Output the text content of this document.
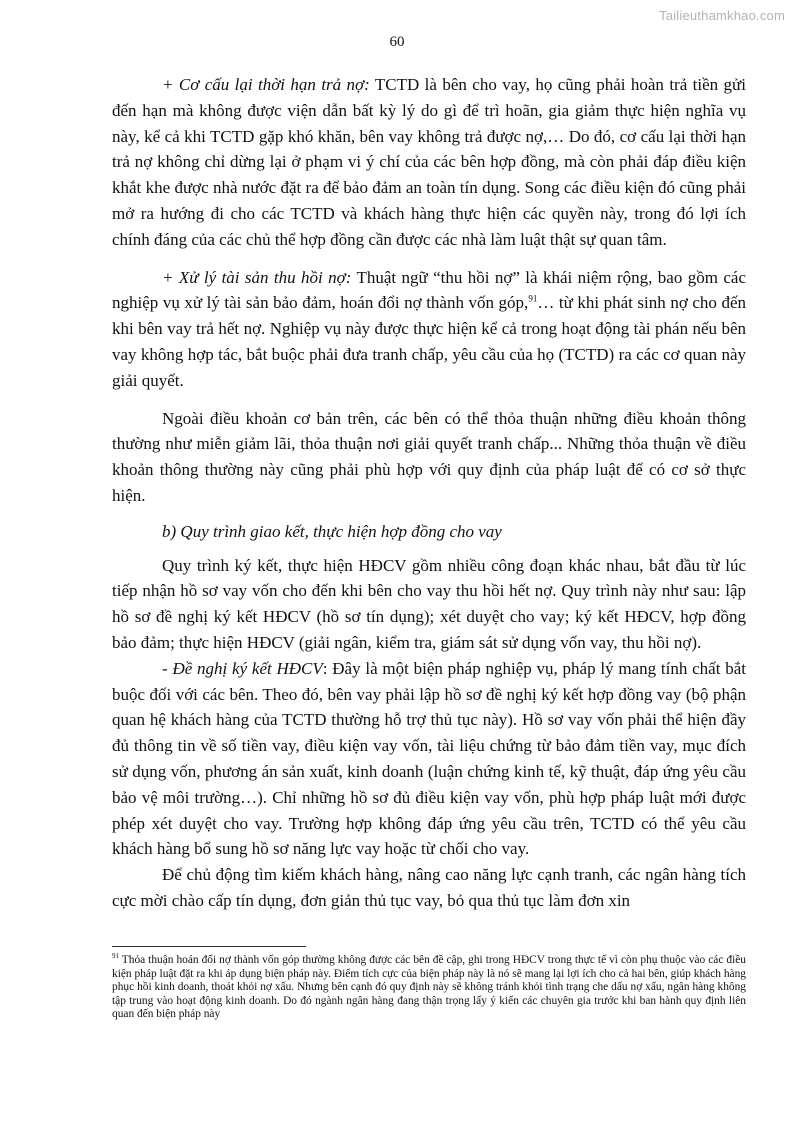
Tailieuthamkhao.com
60

+ Cơ cấu lại thời hạn trả nợ: TCTD là bên cho vay, họ cũng phải hoàn trả tiền gửi đến hạn mà không được viện dẫn bất kỳ lý do gì để trì hoãn, gia giảm thực hiện nghĩa vụ này, kể cả khi TCTD gặp khó khăn, bên vay không trả được nợ,… Do đó, cơ cấu lại thời hạn trả nợ không chỉ dừng lại ở phạm vi ý chí của các bên hợp đồng, mà còn phải đáp điều kiện khắt khe được nhà nước đặt ra để bảo đảm an toàn tín dụng. Song các điều kiện đó cũng phải mở ra hướng đi cho các TCTD và khách hàng thực hiện các quyền này, trong đó lợi ích chính đáng của các chủ thể hợp đồng cần được các nhà làm luật thật sự quan tâm.

+ Xử lý tài sản thu hồi nợ: Thuật ngữ “thu hồi nợ” là khái niệm rộng, bao gồm các nghiệp vụ xử lý tài sản bảo đảm, hoán đổi nợ thành vốn góp,$^{91}$… từ khi phát sinh nợ cho đến khi bên vay trả hết nợ. Nghiệp vụ này được thực hiện kể cả trong hoạt động tài phán nếu bên vay không hợp tác, bắt buộc phải đưa tranh chấp, yêu cầu của họ (TCTD) ra các cơ quan này giải quyết.

Ngoài điều khoản cơ bản trên, các bên có thể thỏa thuận những điều khoản thông thường như miễn giảm lãi, thỏa thuận nơi giải quyết tranh chấp... Những thỏa thuận về điều khoản thông thường này cũng phải phù hợp với quy định của pháp luật để có cơ sở thực hiện.

b) Quy trình giao kết, thực hiện hợp đồng cho vay

Quy trình ký kết, thực hiện HĐCV gồm nhiều công đoạn khác nhau, bắt đầu từ lúc tiếp nhận hồ sơ vay vốn cho đến khi bên cho vay thu hồi hết nợ. Quy trình này như sau: lập hồ sơ đề nghị ký kết HĐCV (hồ sơ tín dụng); xét duyệt cho vay; ký kết HĐCV, hợp đồng bảo đảm; thực hiện HĐCV (giải ngân, kiểm tra, giám sát sử dụng vốn vay, thu hồi nợ).

- Đề nghị ký kết HĐCV: Đây là một biện pháp nghiệp vụ, pháp lý mang tính chất bắt buộc đối với các bên. Theo đó, bên vay phải lập hồ sơ đề nghị ký kết hợp đồng vay (bộ phận quan hệ khách hàng của TCTD thường hỗ trợ thủ tục này). Hồ sơ vay vốn phải thể hiện đầy đủ thông tin về số tiền vay, điều kiện vay vốn, tài liệu chứng từ bảo đảm tiền vay, mục đích sử dụng vốn, phương án sản xuất, kinh doanh (luận chứng kinh tế, kỹ thuật, đáp ứng yêu cầu bảo vệ môi trường…). Chỉ những hồ sơ đủ điều kiện vay vốn, phù hợp pháp luật mới được phép xét duyệt cho vay. Trường hợp không đáp ứng yêu cầu trên, TCTD có thể yêu cầu khách hàng bổ sung hồ sơ năng lực vay hoặc từ chối cho vay.

Để chủ động tìm kiếm khách hàng, nâng cao năng lực cạnh tranh, các ngân hàng tích cực mời chào cấp tín dụng, đơn giản thủ tục vay, bỏ qua thủ tục làm đơn xin

$^{91}$ Thỏa thuận hoán đổi nợ thành vốn góp thường không được các bên đề cập, ghi trong HĐCV trong thực tế vì còn phụ thuộc vào các điều kiện pháp luật đặt ra khi áp dụng biện pháp này. Điểm tích cực của biện pháp này là nó sẽ mang lại lợi ích cho cả hai bên, giúp khách hàng phục hồi kinh doanh, thoát khỏi nợ xấu. Nhưng bên cạnh đó quy định này sẽ không tránh khỏi tình trạng che dấu nợ xấu, ngân hàng không tập trung vào hoạt động kinh doanh. Do đó ngành ngân hàng đang thận trọng lấy ý kiến các chuyên gia trước khi ban hành quy định liên quan đến biện pháp này
